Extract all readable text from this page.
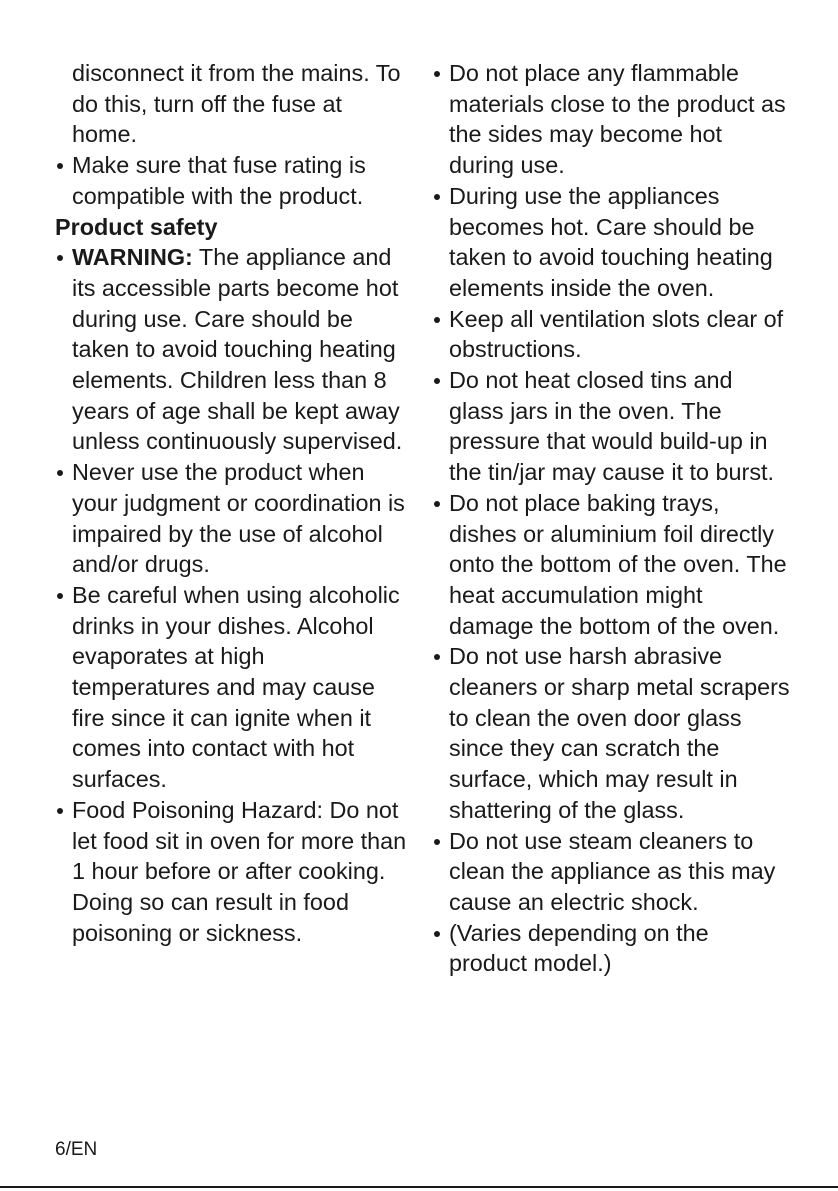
disconnect it from the mains. To do this, turn off the fuse at home.
Make sure that fuse rating is compatible with the product.
Product safety
WARNING: The appliance and its accessible parts become hot during use. Care should be taken to avoid touching heating elements. Children less than 8 years of age shall be kept away unless continuously supervised.
Never use the product when your judgment or coordination is impaired by the use of alcohol and/or drugs.
Be careful when using alcoholic drinks in your dishes. Alcohol evaporates at high temperatures and may cause fire since it can ignite when it comes into contact with hot surfaces.
Food Poisoning Hazard: Do not let food sit in oven for more than 1 hour before or after cooking. Doing so can result in food poisoning or sickness.
Do not place any flammable materials close to the product as the sides may become hot during use.
During use the appliances becomes hot. Care should be taken to avoid touching heating elements inside the oven.
Keep all ventilation slots clear of obstructions.
Do not heat closed tins and glass jars in the oven. The pressure that would build-up in the tin/jar may cause it to burst.
Do not place baking trays, dishes or aluminium foil directly onto the bottom of the oven. The heat accumulation might damage the bottom of the oven.
Do not use harsh abrasive cleaners or sharp metal scrapers to clean the oven door glass since they can scratch the surface, which may result in shattering of the glass.
Do not use steam cleaners to clean the appliance as this may cause an electric shock.
(Varies depending on the product model.)
6/EN
